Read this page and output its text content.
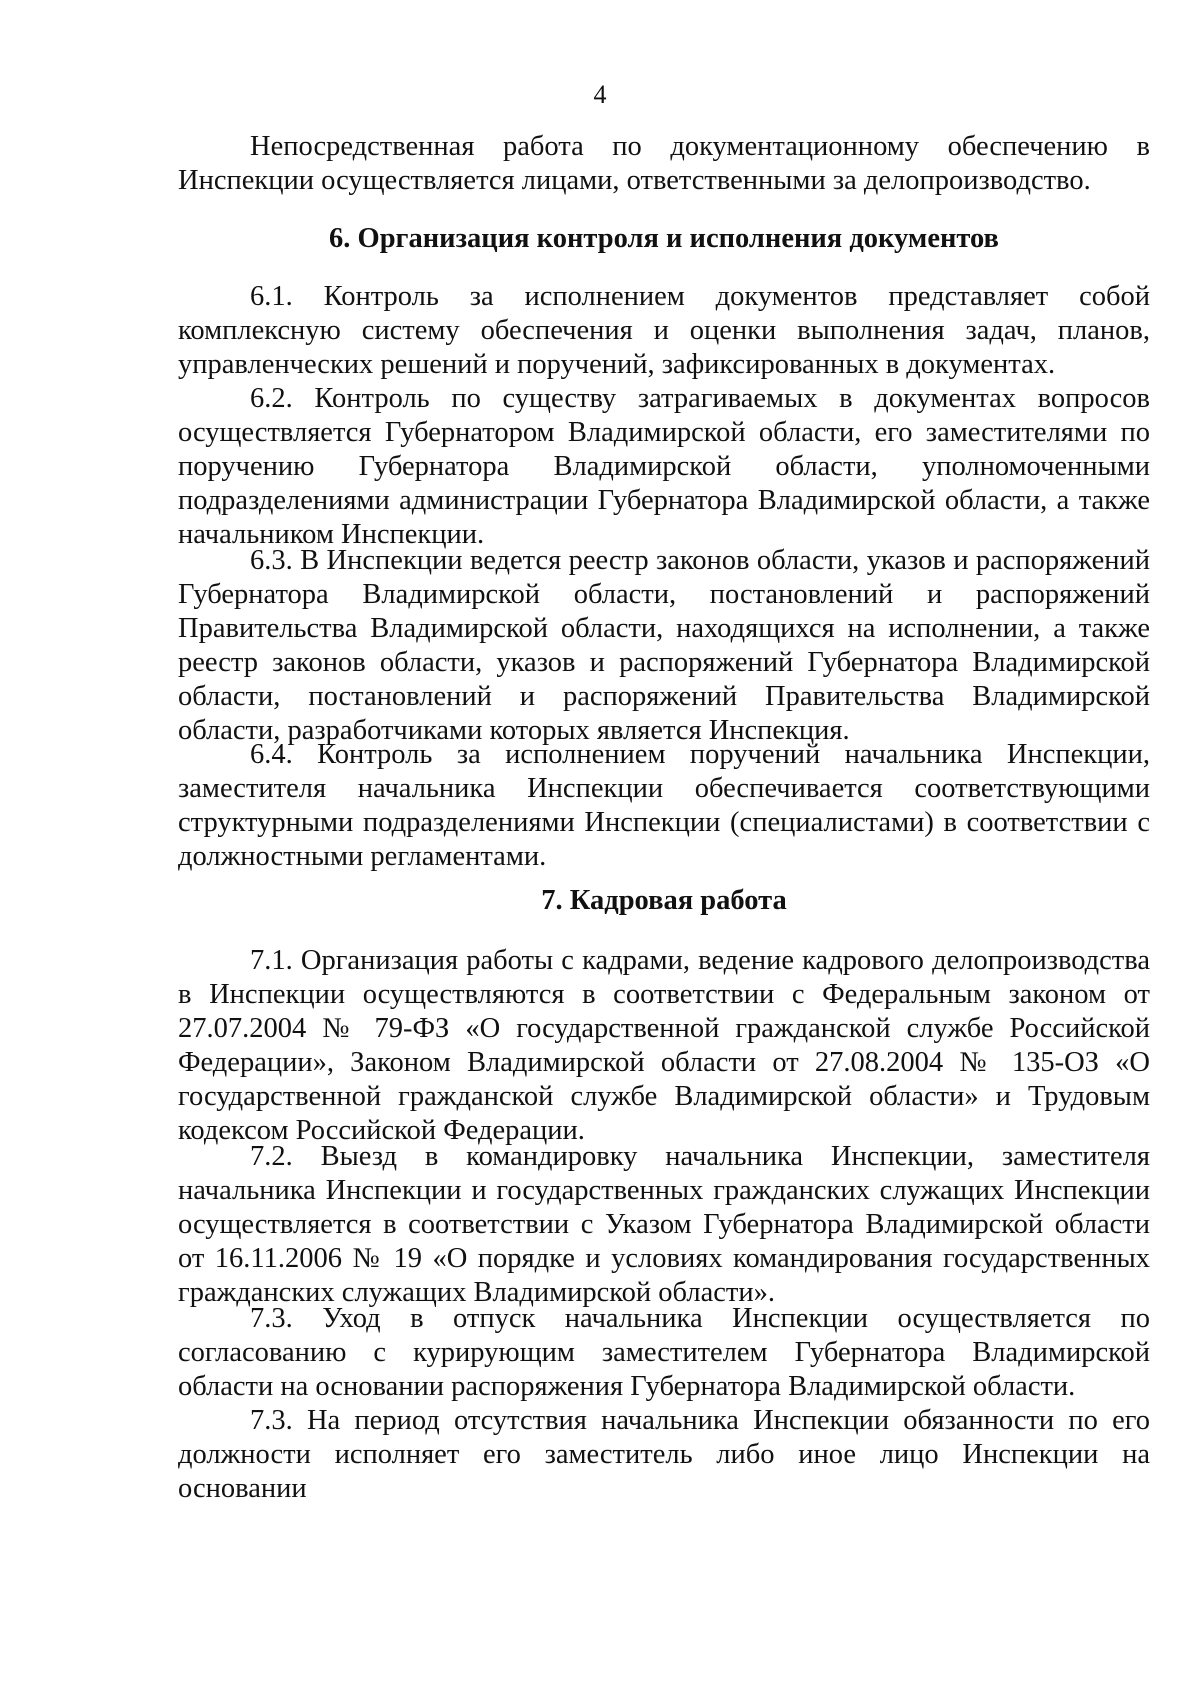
4

Непосредственная работа по документационному обеспечению в Инспекции осуществляется лицами, ответственными за делопроизводство.

6. Организация контроля и исполнения документов

6.1. Контроль за исполнением документов представляет собой комплексную систему обеспечения и оценки выполнения задач, планов, управленческих решений и поручений, зафиксированных в документах.

6.2. Контроль по существу затрагиваемых в документах вопросов осуществляется Губернатором Владимирской области, его заместителями по поручению Губернатора Владимирской области, уполномоченными подразделениями администрации Губернатора Владимирской области, а также начальником Инспекции.

6.3. В Инспекции ведется реестр законов области, указов и распоряжений Губернатора Владимирской области, постановлений и распоряжений Правительства Владимирской области, находящихся на исполнении, а также реестр законов области, указов и распоряжений Губернатора Владимирской области, постановлений и распоряжений Правительства Владимирской области, разработчиками которых является Инспекция.

6.4. Контроль за исполнением поручений начальника Инспекции, заместителя начальника Инспекции обеспечивается соответствующими структурными подразделениями Инспекции (специалистами) в соответствии с должностными регламентами.

7. Кадровая работа

7.1. Организация работы с кадрами, ведение кадрового делопроизводства в Инспекции осуществляются в соответствии с Федеральным законом от 27.07.2004 № 79-ФЗ «О государственной гражданской службе Российской Федерации», Законом Владимирской области от 27.08.2004 № 135-ОЗ «О государственной гражданской службе Владимирской области» и Трудовым кодексом Российской Федерации.

7.2. Выезд в командировку начальника Инспекции, заместителя начальника Инспекции и государственных гражданских служащих Инспекции осуществляется в соответствии с Указом Губернатора Владимирской области от 16.11.2006 № 19 «О порядке и условиях командирования государственных гражданских служащих Владимирской области».

7.3. Уход в отпуск начальника Инспекции осуществляется по согласованию с курирующим заместителем Губернатора Владимирской области на основании распоряжения Губернатора Владимирской области.

7.3. На период отсутствия начальника Инспекции обязанности по его должности исполняет его заместитель либо иное лицо Инспекции на основании
